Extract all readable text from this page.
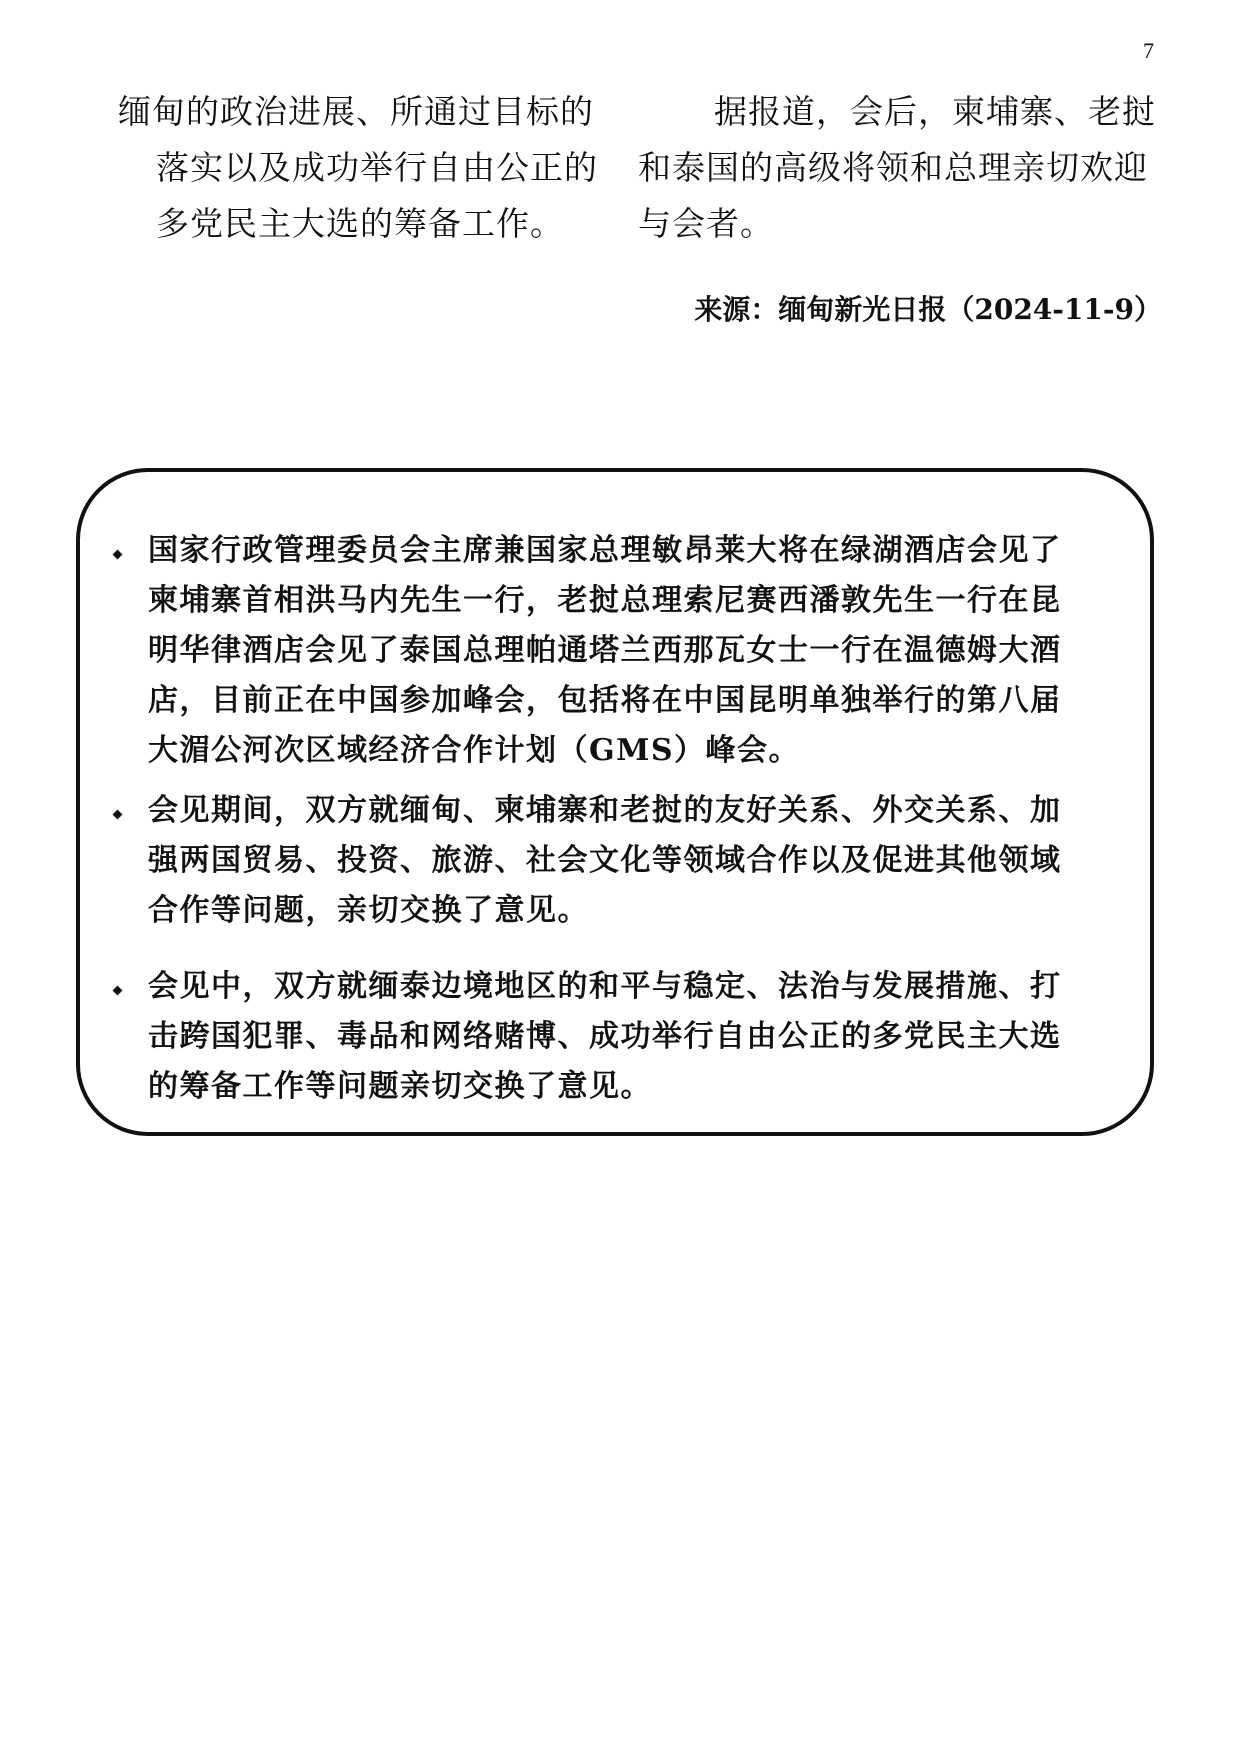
7
缅甸的政治进展、所通过目标的
落实以及成功举行自由公正的
多党民主大选的筹备工作。
据报道，会后，柬埔寨、老挝
和泰国的高级将领和总理亲切欢迎
与会者。
来源：缅甸新光日报（2024-11-9）
国家行政管理委员会主席兼国家总理敏昂莱大将在绿湖酒店会见了
柬埔寨首相洪马内先生一行，老挝总理索尼赛西潘敦先生一行在昆
明华律酒店会见了泰国总理帕通塔兰西那瓦女士一行在温德姆大酒
店，目前正在中国参加峰会，包括将在中国昆明单独举行的第八届
大湄公河次区域经济合作计划（GMS）峰会。
会见期间，双方就缅甸、柬埔寨和老挝的友好关系、外交关系、加
强两国贸易、投资、旅游、社会文化等领域合作以及促进其他领域
合作等问题，亲切交换了意见。
会见中，双方就缅泰边境地区的和平与稳定、法治与发展措施、打
击跨国犯罪、毒品和网络赌博、成功举行自由公正的多党民主大选
的筹备工作等问题亲切交换了意见。
